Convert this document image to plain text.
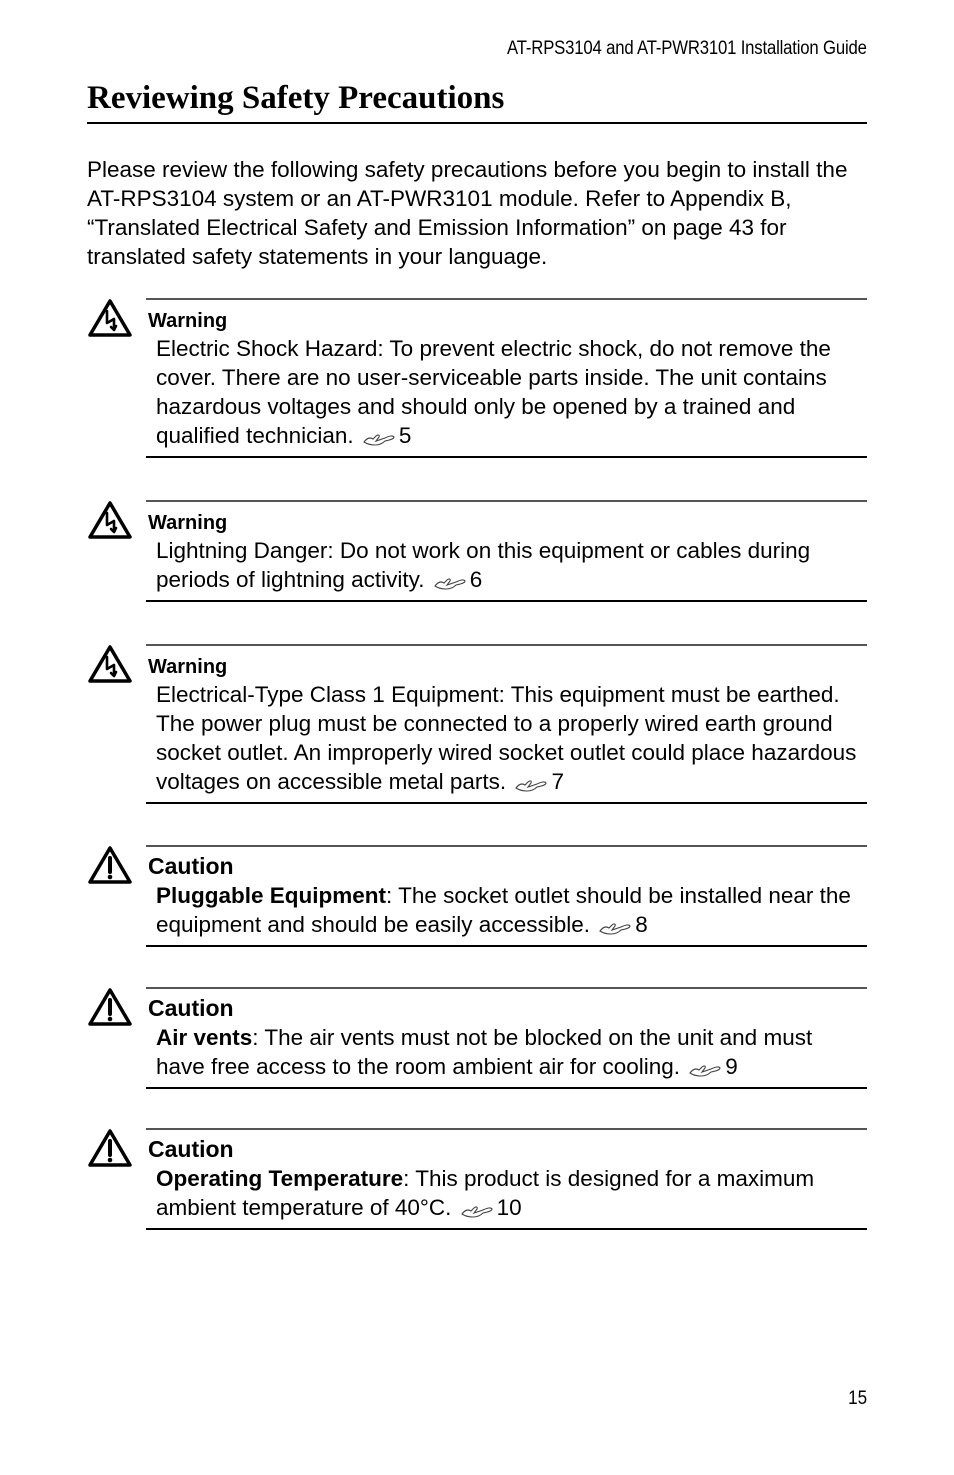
AT-RPS3104 and AT-PWR3101 Installation Guide
Reviewing Safety Precautions

Please review the following safety precautions before you begin to install the AT-RPS3104 system or an AT-PWR3101 module. Refer to Appendix B, “Translated Electrical Safety and Emission Information” on page 43 for translated safety statements in your language.

Warning
Electric Shock Hazard: To prevent electric shock, do not remove the cover. There are no user-serviceable parts inside. The unit contains hazardous voltages and should only be opened by a trained and qualified technician. 5
Warning
Lightning Danger: Do not work on this equipment or cables during periods of lightning activity. 6
Warning
Electrical-Type Class 1 Equipment: This equipment must be earthed. The power plug must be connected to a properly wired earth ground socket outlet. An improperly wired socket outlet could place hazardous voltages on accessible metal parts. 7
Caution
Pluggable Equipment: The socket outlet should be installed near the equipment and should be easily accessible. 8
Caution
Air vents: The air vents must not be blocked on the unit and must have free access to the room ambient air for cooling. 9
Caution
Operating Temperature: This product is designed for a maximum ambient temperature of 40°C. 10
15
